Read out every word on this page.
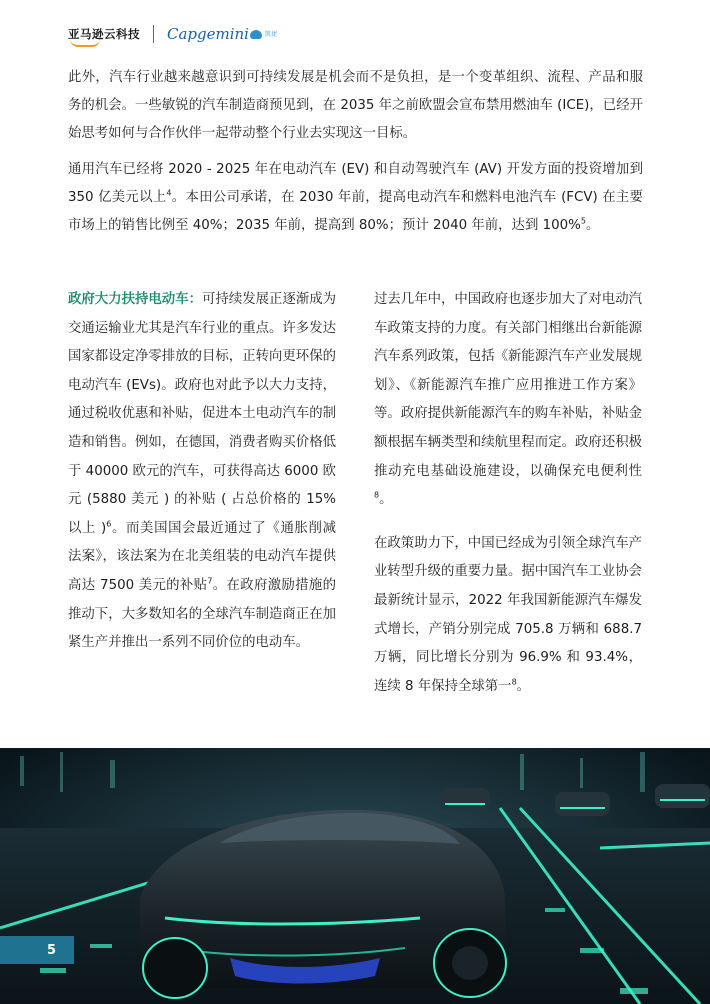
亚马逊云科技 Capgemini	凯捷
此外，汽车行业越来越意识到可持续发展是机会而不是负担，是一个变革组织、流程、产品和服务的机会。一些敏锐的汽车制造商预见到，在 2035 年之前欧盟会宣布禁用燃油车 (ICE)，已经开始思考如何与合作伙伴一起带动整个行业去实现这一目标。
通用汽车已经将 2020 - 2025 年在电动汽车 (EV) 和自动驾驶汽车 (AV) 开发方面的投资增加到 350 亿美元以上$^4$。本田公司承诺，在 2030 年前，提高电动汽车和燃料电池汽车 (FCV) 在主要市场上的销售比例至 40%；2035 年前，提高到 80%；预计 2040 年前，达到 100%$^5$。
政府大力扶持电动车：可持续发展正逐渐成为交通运输业尤其是汽车行业的重点。许多发达国家都设定净零排放的目标，正转向更环保的电动汽车 (EVs)。政府也对此予以大力支持，通过税收优惠和补贴，促进本土电动汽车的制造和销售。例如，在德国，消费者购买价格低于 40000 欧元的汽车，可获得高达 6000 欧元 (5880 美元 ) 的补贴 ( 占总价格的 15% 以上 )$^6$。而美国国会最近通过了《通胀削减法案》，该法案为在北美组装的电动汽车提供高达 7500 美元的补贴$^7$。在政府激励措施的推动下，大多数知名的全球汽车制造商正在加紧生产并推出一系列不同价位的电动车。

过去几年中，中国政府也逐步加大了对电动汽车政策支持的力度。有关部门相继出台新能源汽车系列政策，包括《新能源汽车产业发展规划》、《新能源汽车推广应用推进工作方案》等。政府提供新能源汽车的购车补贴，补贴金额根据车辆类型和续航里程而定。政府还积极推动充电基础设施建设，以确保充电便利性$^8$。

在政策助力下，中国已经成为引领全球汽车产业转型升级的重要力量。据中国汽车工业协会最新统计显示，2022 年我国新能源汽车爆发式增长，产销分别完成 705.8 万辆和 688.7 万辆，同比增长分别为 96.9% 和 93.4%，连续 8 年保持全球第一$^8$。

5
